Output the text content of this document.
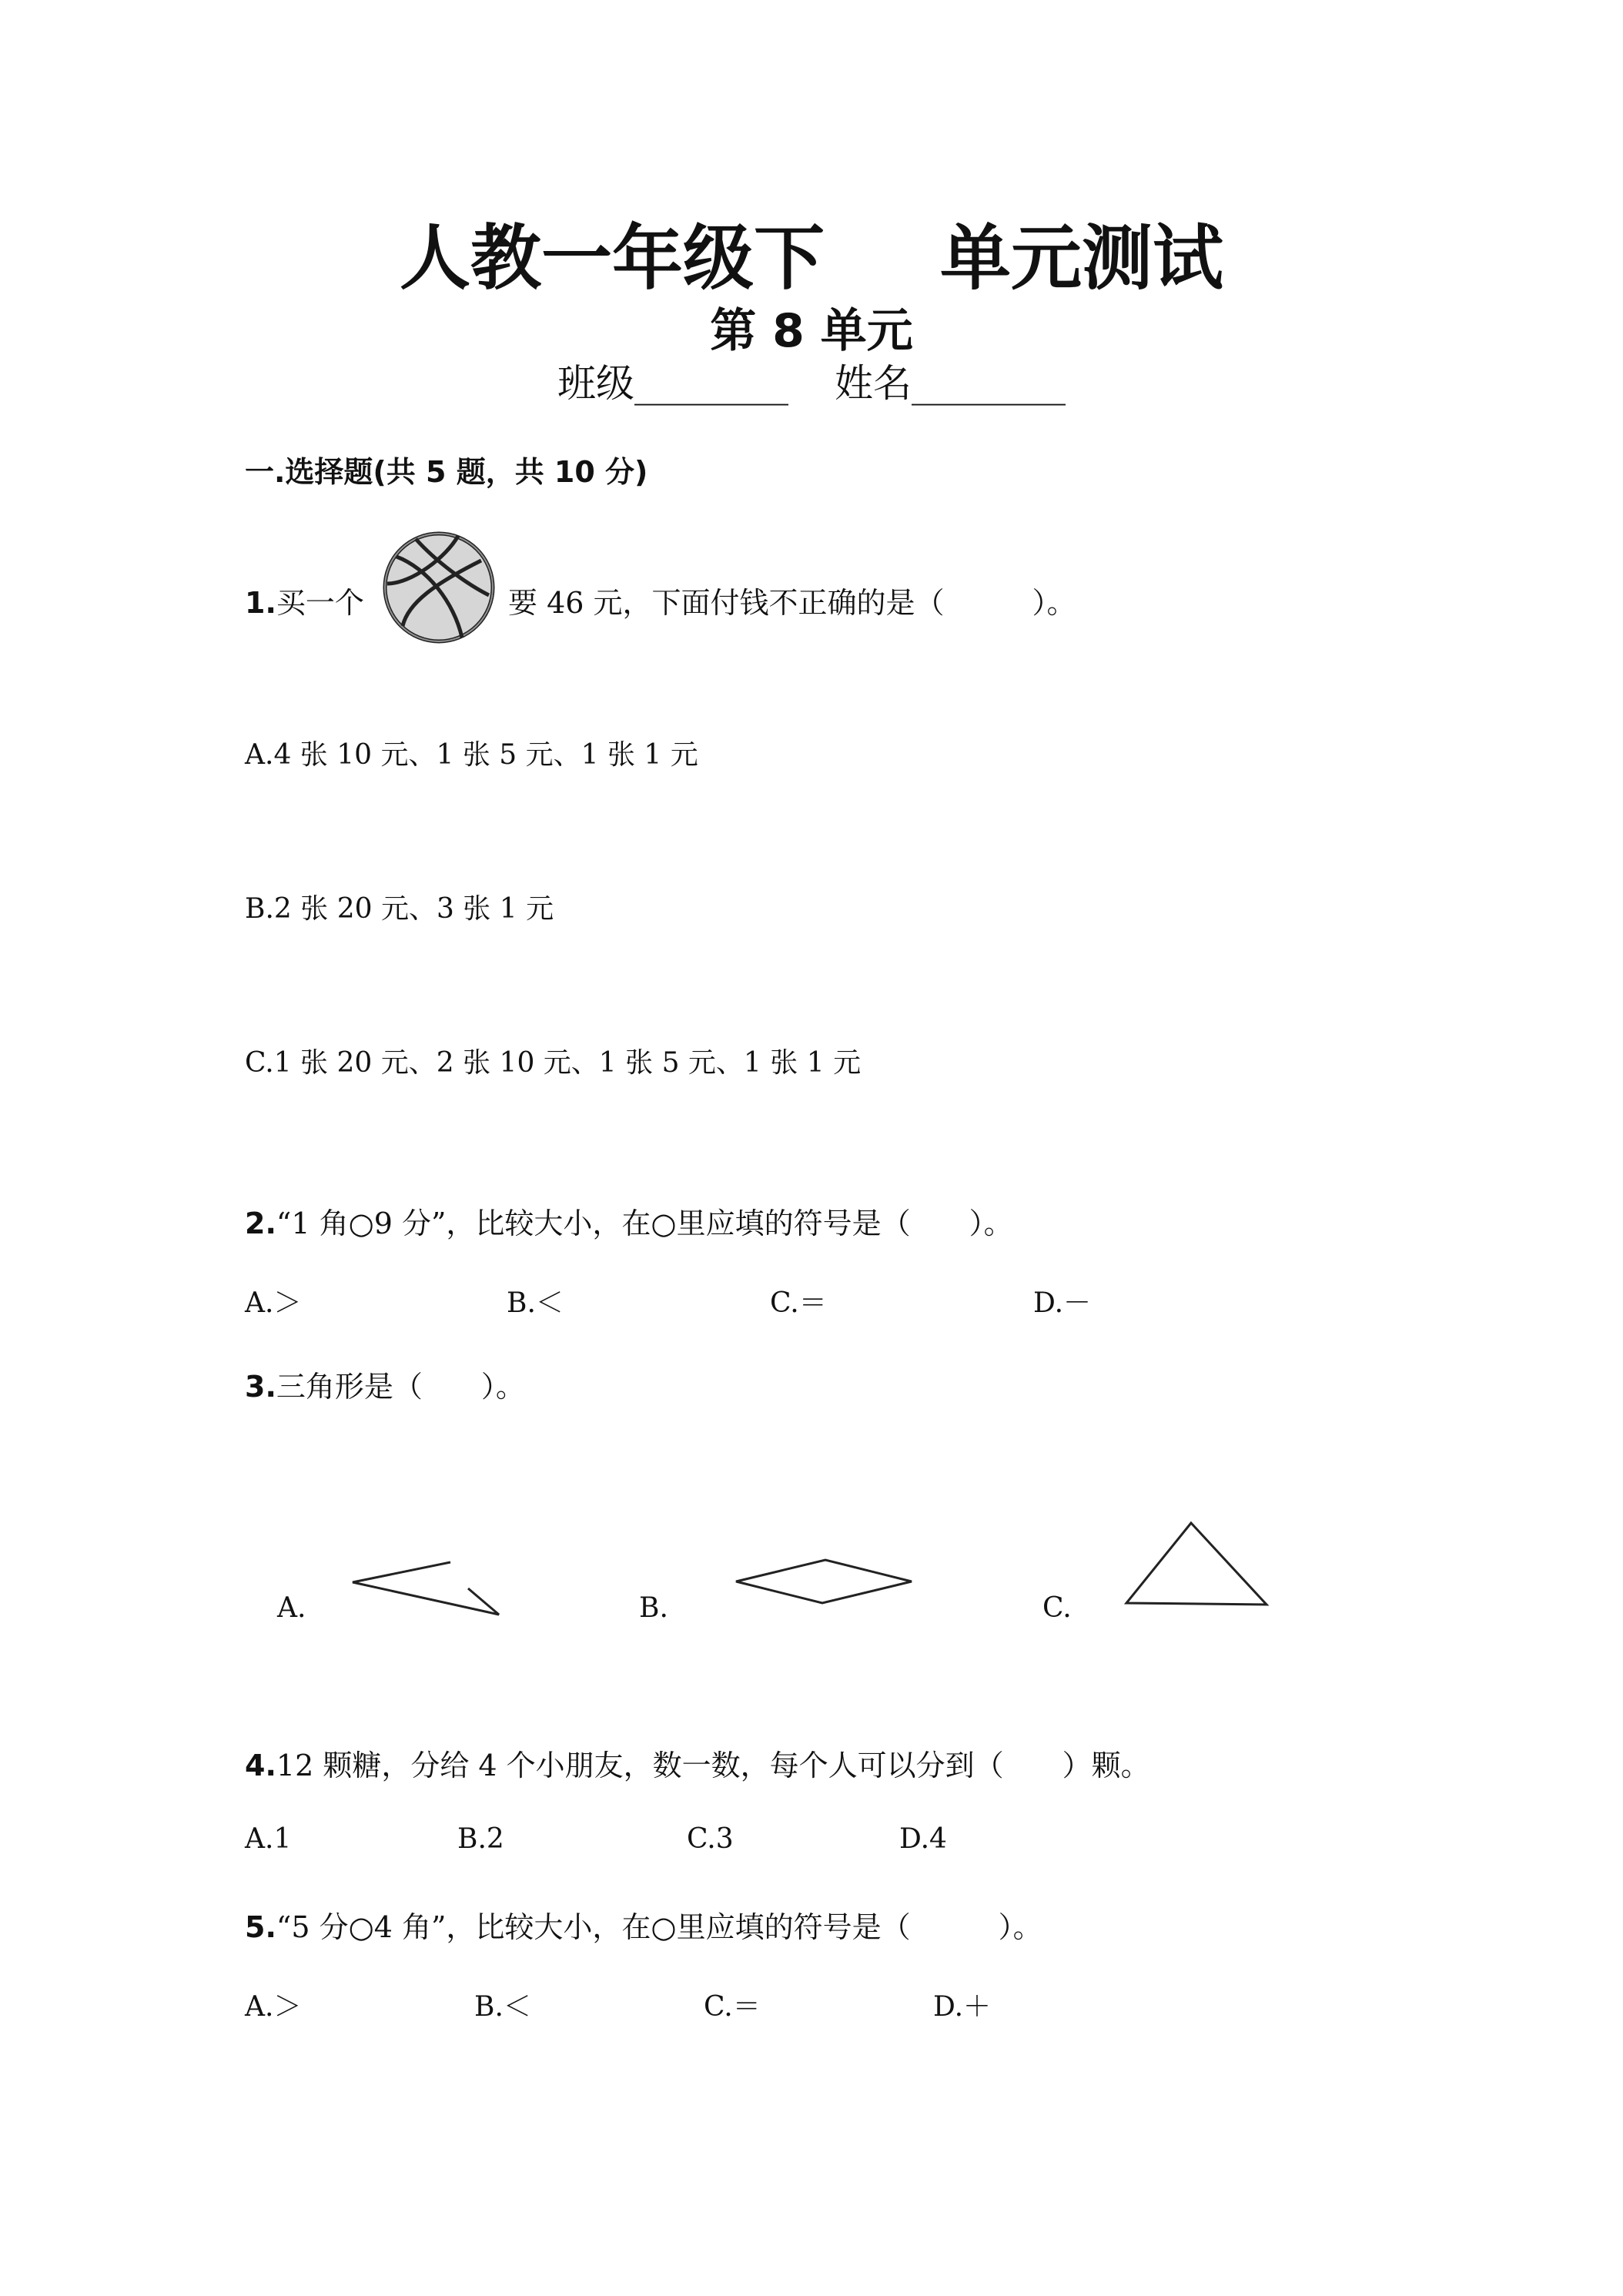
人教一年级下 单元测试
第 8 单元
班级________ 姓名________
一.选择题(共 5 题，共 10 分)
1.买一个	要 46 元，下面付钱不正确的是（　　　）。
A.4 张 10 元、1 张 5 元、1 张 1 元
B.2 张 20 元、3 张 1 元
C.1 张 20 元、2 张 10 元、1 张 5 元、1 张 1 元
2.“1 角○9 分”，比较大小，在○里应填的符号是（　　）。
A.＞	B.＜	C.＝	D.－
3.三角形是（　　）。
A.	B.	C.
4.12 颗糖，分给 4 个小朋友，数一数，每个人可以分到（　　）颗。
A.1	B.2	C.3	D.4
5.“5 分○4 角”，比较大小，在○里应填的符号是（　　　）。
A.＞	B.＜	C.＝	D.＋
